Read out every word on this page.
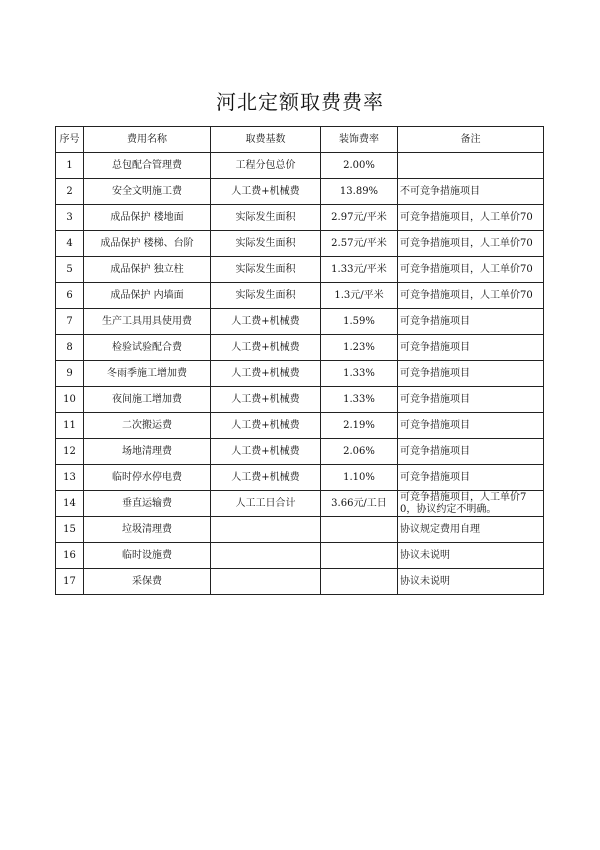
河北定额取费费率
序号	费用名称	取费基数	装饰费率	备注
1	总包配合管理费	工程分包总价	2.00%	
2	安全文明施工费	人工费+机械费	13.89%	不可竞争措施项目
3	成品保护 楼地面	实际发生面积	2.97元/平米	可竞争措施项目，人工单价70
4	成品保护 楼梯、台阶	实际发生面积	2.57元/平米	可竞争措施项目，人工单价70
5	成品保护 独立柱	实际发生面积	1.33元/平米	可竞争措施项目，人工单价70
6	成品保护 内墙面	实际发生面积	1.3元/平米	可竞争措施项目，人工单价70
7	生产工具用具使用费	人工费+机械费	1.59%	可竞争措施项目
8	检验试验配合费	人工费+机械费	1.23%	可竞争措施项目
9	冬雨季施工增加费	人工费+机械费	1.33%	可竞争措施项目
10	夜间施工增加费	人工费+机械费	1.33%	可竞争措施项目
11	二次搬运费	人工费+机械费	2.19%	可竞争措施项目
12	场地清理费	人工费+机械费	2.06%	可竞争措施项目
13	临时停水停电费	人工费+机械费	1.10%	可竞争措施项目
14	垂直运输费	人工工日合计	3.66元/工日	可竞争措施项目，人工单价70，协议约定不明确。
15	垃圾清理费			协议规定费用自理
16	临时设施费			协议未说明
17	采保费			协议未说明
